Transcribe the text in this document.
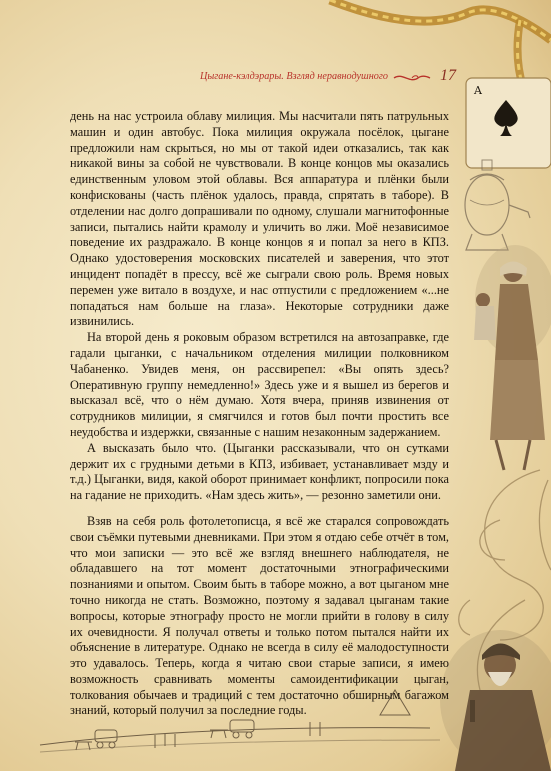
A
Цыгане-кэлдэрары. Взгляд неравнодушного	17

день на нас устроила облаву милиция. Мы насчитали пять патрульных машин и один автобус. Пока милиция окружала посёлок, цыгане предложили нам скрыться, но мы от такой идеи отказались, так как никакой вины за собой не чувствовали. В конце концов мы оказались единственным уловом этой облавы. Вся аппаратура и плёнки были конфискованы (часть плёнок удалось, правда, спрятать в таборе). В отделении нас долго допрашивали по одному, слушали магнитофонные записи, пытались найти крамолу и уличить во лжи. Моё независимое поведение их раздражало. В конце концов я и попал за него в КПЗ. Однако удостоверения московских писателей и заверения, что этот инцидент попадёт в прессу, всё же сыграли свою роль. Время новых перемен уже витало в воздухе, и нас отпустили с предложением «...не попадаться нам больше на глаза». Некоторые сотрудники даже извинились.

На второй день я роковым образом встретился на автозаправке, где гадали цыганки, с начальником отделения милиции полковником Чабаненко. Увидев меня, он рассвирепел: «Вы опять здесь? Оперативную группу немедленно!» Здесь уже и я вышел из берегов и высказал всё, что о нём думаю. Хотя вчера, приняв извинения от сотрудников милиции, я смягчился и готов был почти простить все неудобства и издержки, связанные с нашим незаконным задержанием.

А высказать было что. (Цыганки рассказывали, что он сутками держит их с грудными детьми в КПЗ, избивает, устанавливает мзду и т.д.) Цыганки, видя, какой оборот принимает конфликт, попросили пока на гадание не приходить. «Нам здесь жить», — резонно заметили они.

Взяв на себя роль фотолетописца, я всё же старался сопровождать свои съёмки путевыми дневниками. При этом я отдаю себе отчёт в том, что мои записки — это всё же взгляд внешнего наблюдателя, не обладавшего на тот момент достаточными этнографическими познаниями и опытом. Своим быть в таборе можно, а вот цыганом мне точно никогда не стать. Возможно, поэтому я задавал цыганам такие вопросы, которые этнографу просто не могли прийти в голову в силу их очевидности. Я получал ответы и только потом пытался найти их объяснение в литературе. Однако не всегда в силу её малодоступности это удавалось. Теперь, когда я читаю свои старые записи, я имею возможность сравнивать моменты самоидентификации цыган, толкования обычаев и традиций с тем достаточно обширным багажом знаний, который получил за последние годы.
